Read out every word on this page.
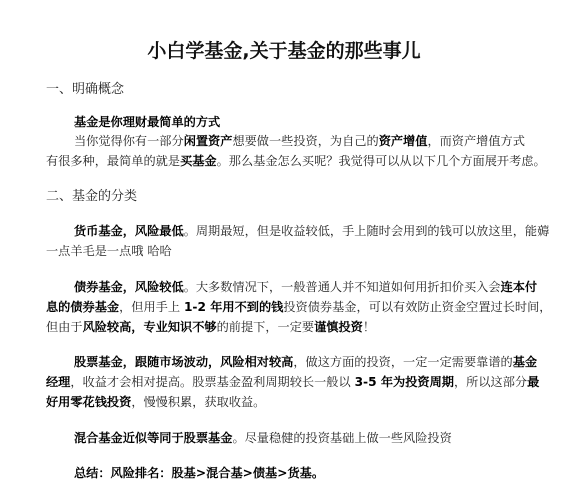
小白学基金,关于基金的那些事儿
一、明确概念
基金是你理财最简单的方式
当你觉得你有一部分闲置资产想要做一些投资，为自己的资产增值，而资产增值方式
有很多种，最简单的就是买基金。那么基金怎么买呢？我觉得可以从以下几个方面展开考虑。
二、基金的分类
货币基金，风险最低。周期最短，但是收益较低，手上随时会用到的钱可以放这里，能薅
一点羊毛是一点哦 哈哈
债券基金，风险较低。大多数情况下，一般普通人并不知道如何用折扣价买入会连本付
息的债券基金，但用手上 1-2 年用不到的钱投资债券基金，可以有效防止资金空置过长时间，
但由于风险较高，专业知识不够的前提下，一定要谨慎投资！
股票基金，跟随市场波动，风险相对较高，做这方面的投资，一定一定需要靠谱的基金
经理，收益才会相对提高。股票基金盈利周期较长一般以 3-5 年为投资周期，所以这部分最
好用零花钱投资，慢慢积累，获取收益。
混合基金近似等同于股票基金。尽量稳健的投资基础上做一些风险投资
总结：风险排名：股基>混合基>债基>货基。
